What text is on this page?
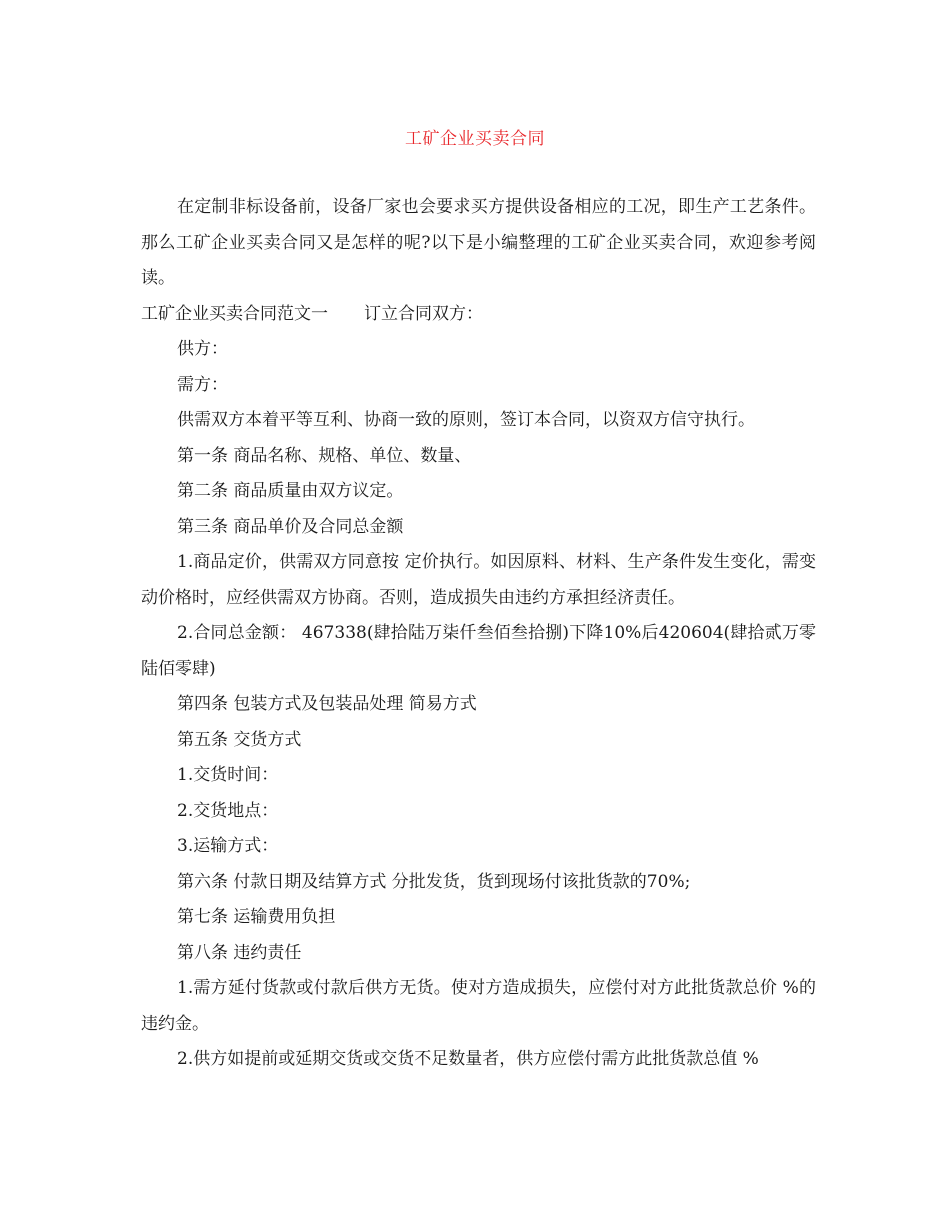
工矿企业买卖合同

在定制非标设备前，设备厂家也会要求买方提供设备相应的工况，即生产工艺条件。那么工矿企业买卖合同又是怎样的呢?以下是小编整理的工矿企业买卖合同，欢迎参考阅读。

工矿企业买卖合同范文一 订立合同双方：

供方：

需方：

供需双方本着平等互利、协商一致的原则，签订本合同，以资双方信守执行。

第一条 商品名称、规格、单位、数量、

第二条 商品质量由双方议定。

第三条 商品单价及合同总金额

1.商品定价，供需双方同意按 定价执行。如因原料、材料、生产条件发生变化，需变动价格时，应经供需双方协商。否则，造成损失由违约方承担经济责任。

2.合同总金额： 467338(肆拾陆万柒仟叁佰叁拾捌)下降10%后420604(肆拾贰万零陆佰零肆)

第四条 包装方式及包装品处理 简易方式

第五条 交货方式

1.交货时间：

2.交货地点：

3.运输方式：

第六条 付款日期及结算方式 分批发货，货到现场付该批货款的70%;

第七条 运输费用负担

第八条 违约责任

1.需方延付货款或付款后供方无货。使对方造成损失，应偿付对方此批货款总价 %的违约金。

2.供方如提前或延期交货或交货不足数量者，供方应偿付需方此批货款总值 %
